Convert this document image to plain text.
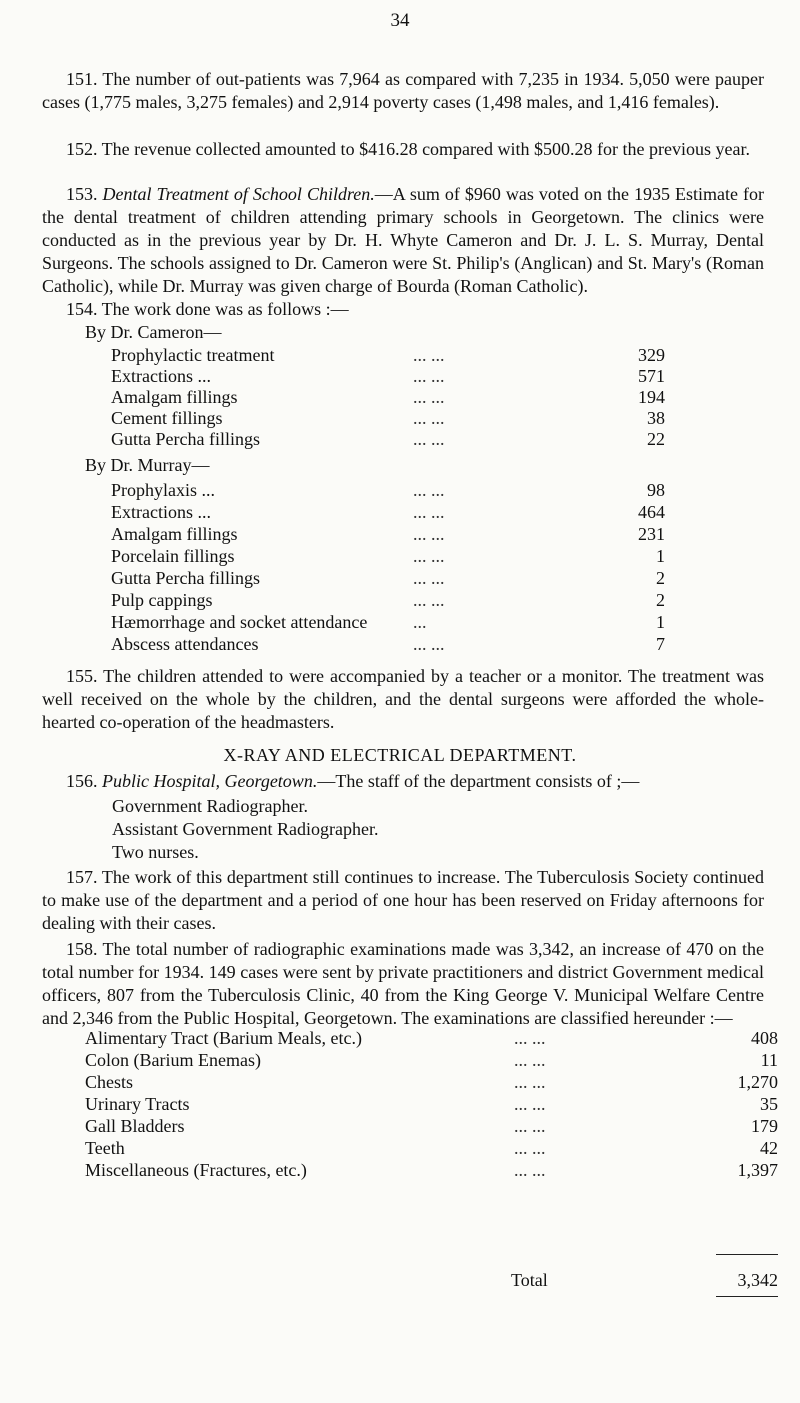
34

151. The number of out-patients was 7,964 as compared with 7,235 in 1934. 5,050 were pauper cases (1,775 males, 3,275 females) and 2,914 poverty cases (1,498 males, and 1,416 females).

152. The revenue collected amounted to $416.28 compared with $500.28 for the previous year.

153. Dental Treatment of School Children.—A sum of $960 was voted on the 1935 Estimate for the dental treatment of children attending primary schools in Georgetown. The clinics were conducted as in the previous year by Dr. H. Whyte Cameron and Dr. J. L. S. Murray, Dental Surgeons. The schools assigned to Dr. Cameron were St. Philip's (Anglican) and St. Mary's (Roman Catholic), while Dr. Murray was given charge of Bourda (Roman Catholic).

154. The work done was as follows :—

By Dr. Cameron—
Prophylactic treatment	... ...	329
Extractions ...	... ...	571
Amalgam fillings	... ...	194
Cement fillings	... ...	38
Gutta Percha fillings	... ...	22
By Dr. Murray—
Prophylaxis ...	... ...	98
Extractions ...	... ...	464
Amalgam fillings	... ...	231
Porcelain fillings	... ...	1
Gutta Percha fillings	... ...	2
Pulp cappings	... ...	2
Hæmorrhage and socket attendance	...	1
Abscess attendances	... ...	7

155. The children attended to were accompanied by a teacher or a monitor. The treatment was well received on the whole by the children, and the dental surgeons were afforded the whole-hearted co-operation of the headmasters.

X-RAY AND ELECTRICAL DEPARTMENT.

156. Public Hospital, Georgetown.—The staff of the department consists of ;—

Government Radiographer.
Assistant Government Radiographer.
Two nurses.

157. The work of this department still continues to increase. The Tuberculosis Society continued to make use of the department and a period of one hour has been reserved on Friday afternoons for dealing with their cases.

158. The total number of radiographic examinations made was 3,342, an increase of 470 on the total number for 1934. 149 cases were sent by private practitioners and district Government medical officers, 807 from the Tuberculosis Clinic, 40 from the King George V. Municipal Welfare Centre and 2,346 from the Public Hospital, Georgetown. The examinations are classified hereunder :—

Alimentary Tract (Barium Meals, etc.)	... ...	408
Colon (Barium Enemas)	... ...	11
Chests	... ...	1,270
Urinary Tracts	... ...	35
Gall Bladders	... ...	179
Teeth	... ...	42
Miscellaneous (Fractures, etc.)	... ...	1,397
Total	3,342
